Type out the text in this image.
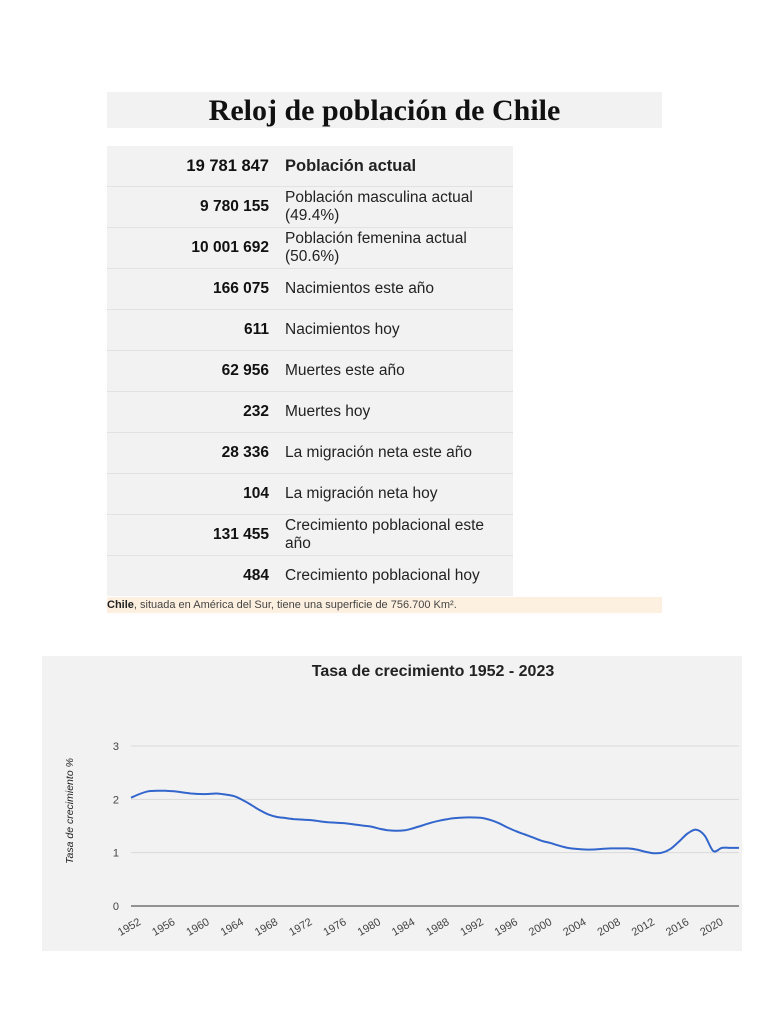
Reloj de población de Chile
19 781 847	Población actual
9 780 155	Población masculina actual (49.4%)
10 001 692	Población femenina actual (50.6%)
166 075	Nacimientos este año
611	Nacimientos hoy
62 956	Muertes este año
232	Muertes hoy
28 336	La migración neta este año
104	La migración neta hoy
131 455	Crecimiento poblacional este año
484	Crecimiento poblacional hoy
Chile, situada en América del Sur, tiene una superficie de 756.700 Km².
Tasa de crecimiento 1952 - 2023
Tasa de crecimiento %
0
1
2
3
1952 1956 1960 1964 1968 1972 1976 1980 1984 1988 1992 1996 2000 2004 2008 2012 2016 2020
